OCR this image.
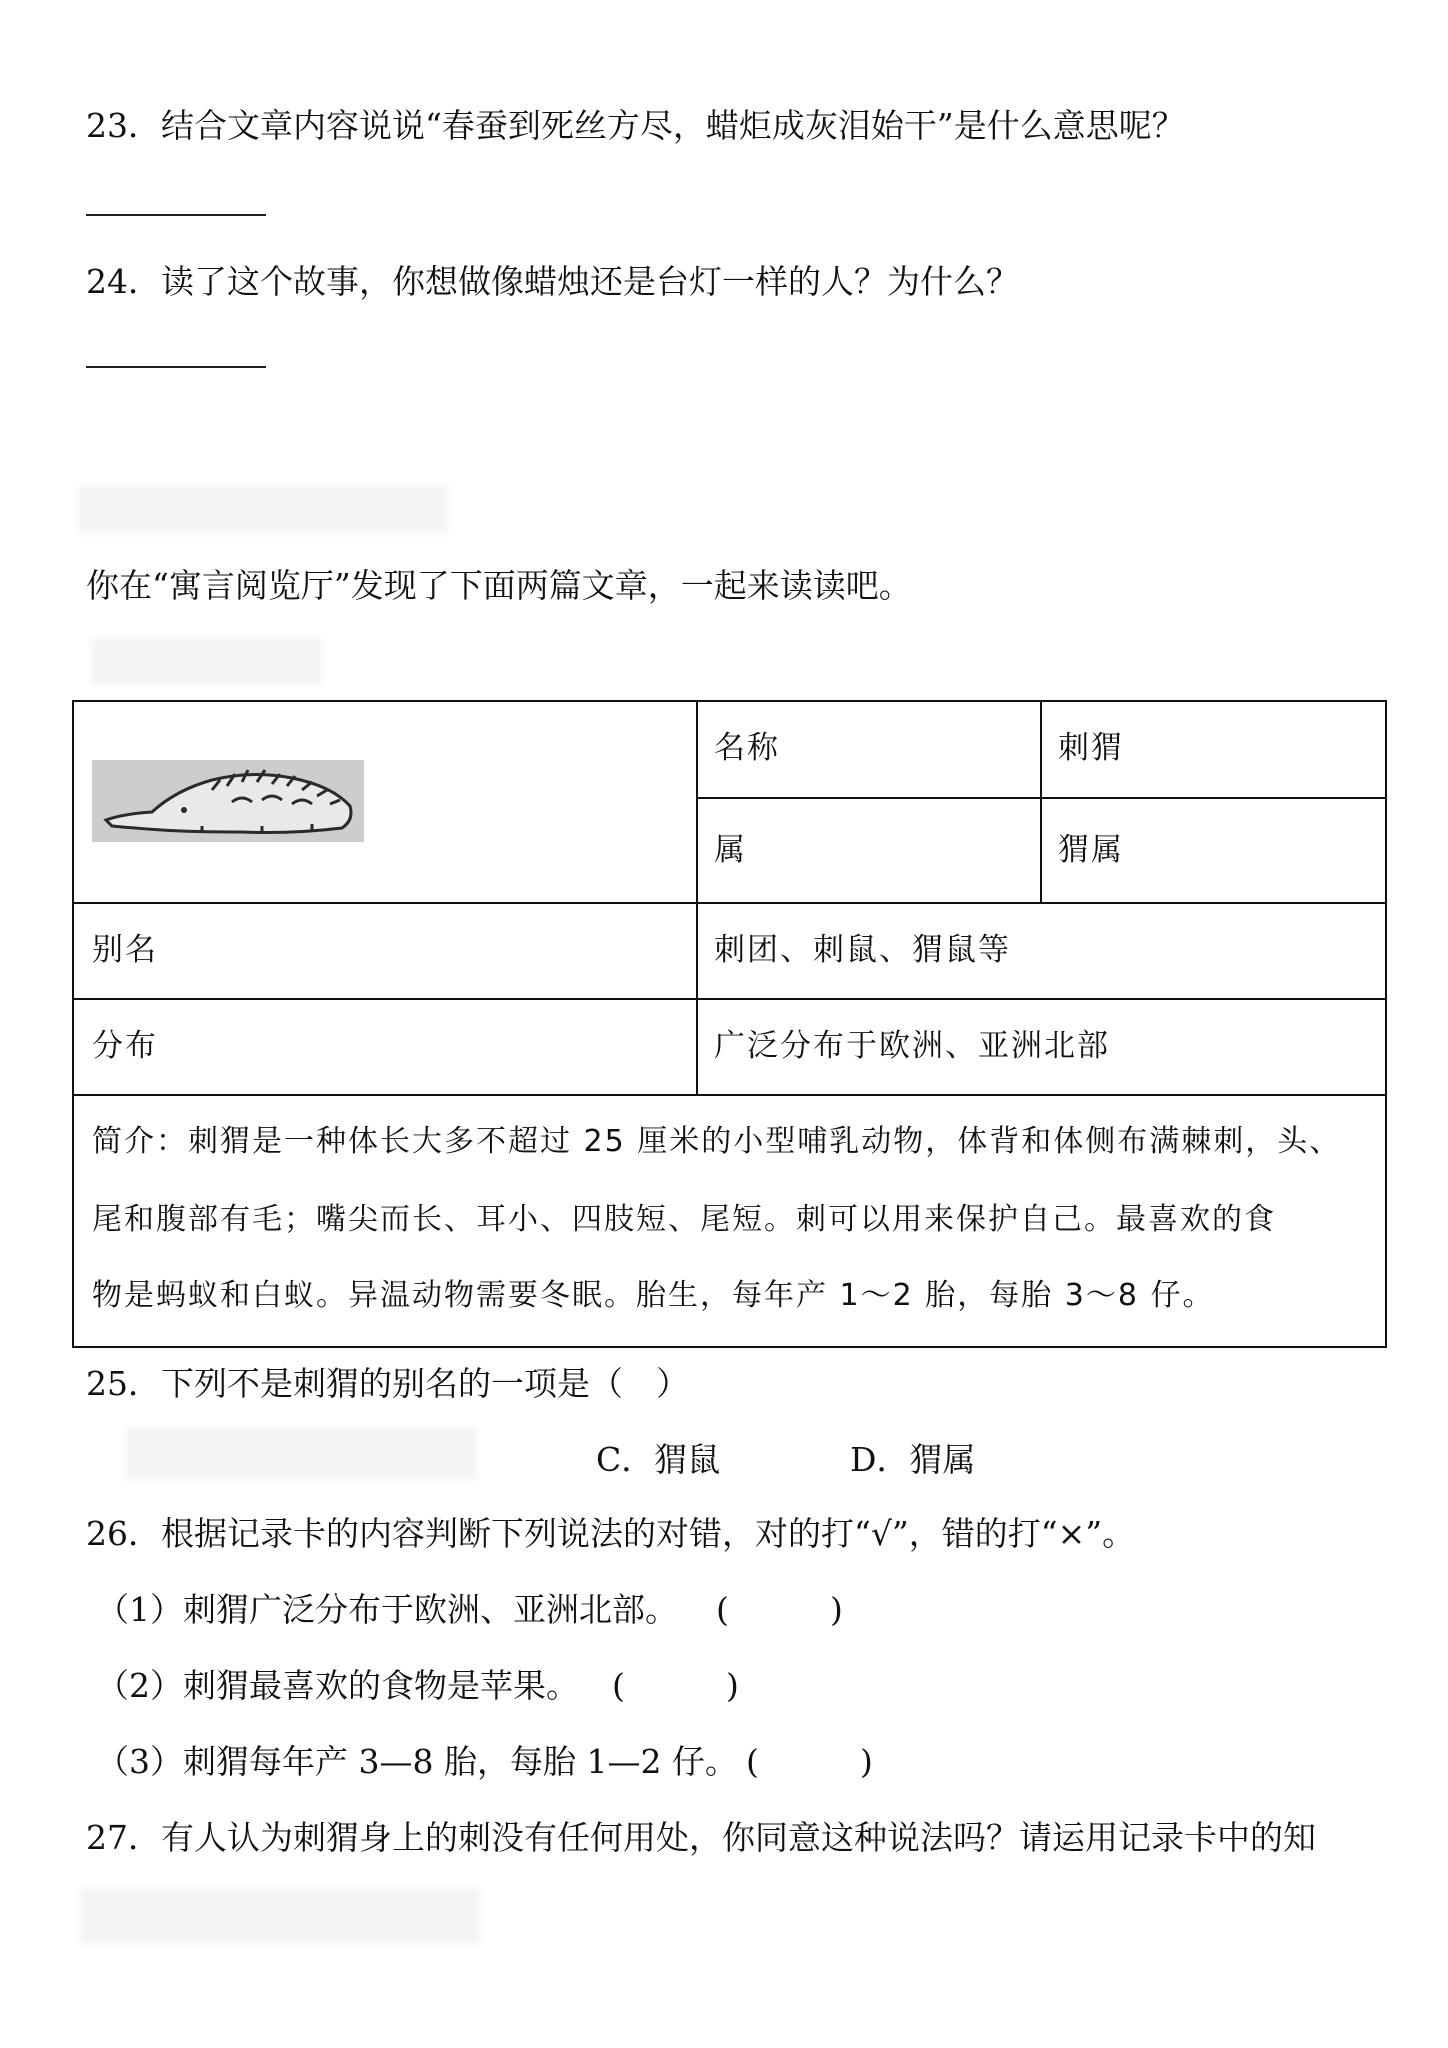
23．结合文章内容说说“春蚕到死丝方尽，蜡炬成灰泪始干”是什么意思呢？
24．读了这个故事，你想做像蜡烛还是台灯一样的人？为什么？
你在“寓言阅览厅”发现了下面两篇文章，一起来读读吧。
名称	刺猬
属	猬属
别名	刺团、刺鼠、猬鼠等
分布	广泛分布于欧洲、亚洲北部
简介：刺猬是一种体长大多不超过 25 厘米的小型哺乳动物，体背和体侧布满棘刺，头、
尾和腹部有毛；嘴尖而长、耳小、四肢短、尾短。刺可以用来保护自己。最喜欢的食
物是蚂蚁和白蚁。异温动物需要冬眠。胎生，每年产 1～2 胎，每胎 3～8 仔。
25．下列不是刺猬的别名的一项是（　）
C．猬鼠	D．猬属
26．根据记录卡的内容判断下列说法的对错，对的打“√”，错的打“×”。
（1）刺猬广泛分布于欧洲、亚洲北部。 (	)
（2）刺猬最喜欢的食物是苹果。 (	)
（3）刺猬每年产 3—8 胎，每胎 1—2 仔。 (	)
27．有人认为刺猬身上的刺没有任何用处，你同意这种说法吗？请运用记录卡中的知
